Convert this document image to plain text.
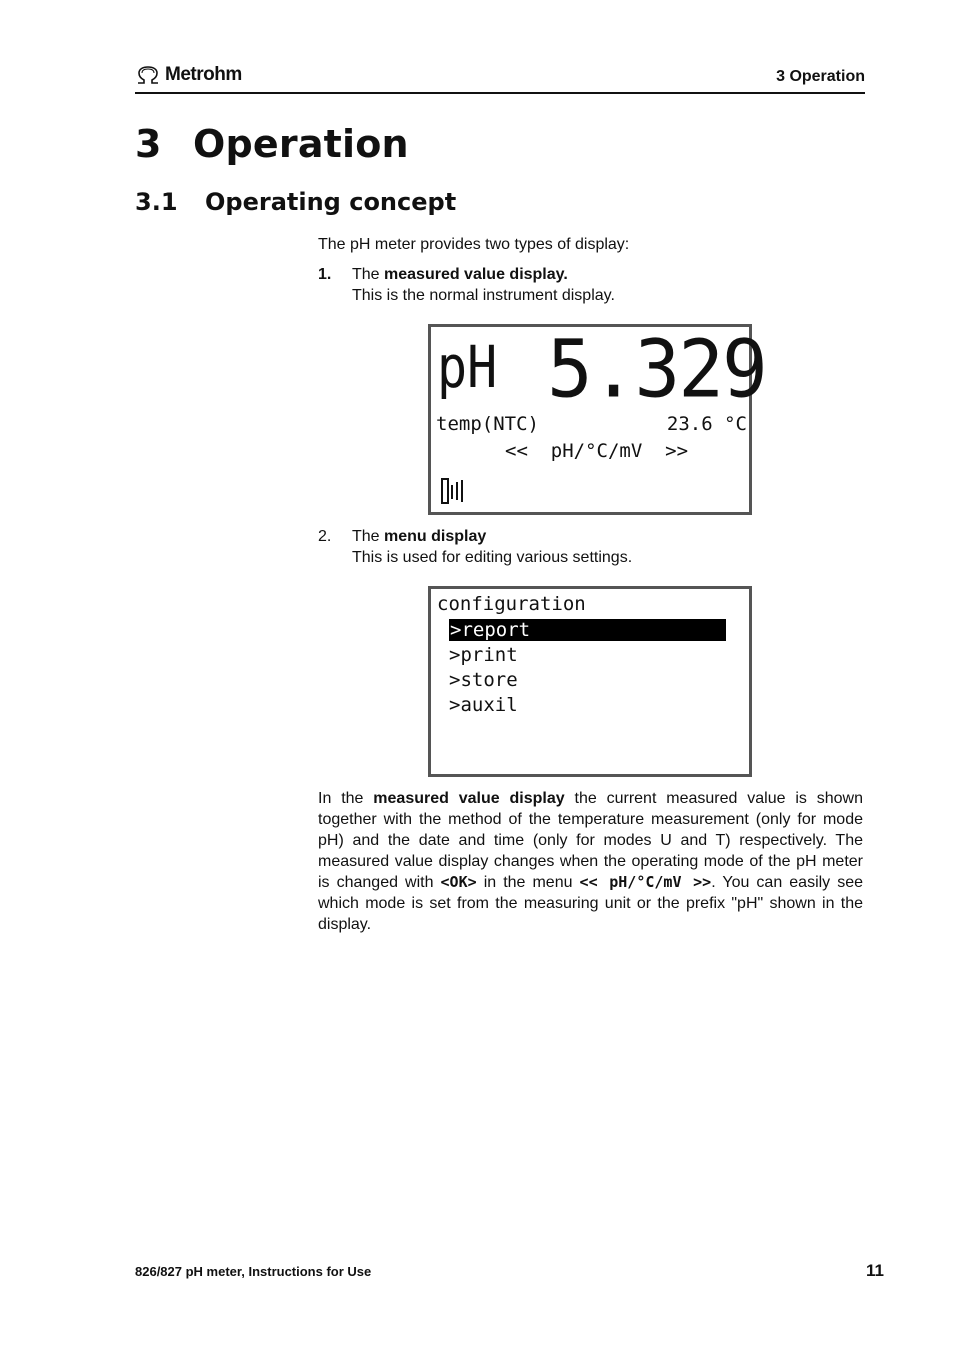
Metrohm	3 Operation
3 Operation
3.1 Operating concept
The pH meter provides two types of display:
1. The measured value display.
This is the normal instrument display.
pH 5.329
temp(NTC)	23.6 °C
<<  pH/°C/mV  >>
2. The menu display
This is used for editing various settings.
configuration
>report
>print
>store
>auxil
In the measured value display the current measured value is shown together with the method of the temperature measurement (only for mode pH) and the date and time (only for modes U and T) respectively. The measured value display changes when the operating mode of the pH meter is changed with <OK> in the menu << pH/°C/mV >>. You can easily see which mode is set from the measuring unit or the prefix "pH" shown in the display.
826/827 pH meter, Instructions for Use	11
